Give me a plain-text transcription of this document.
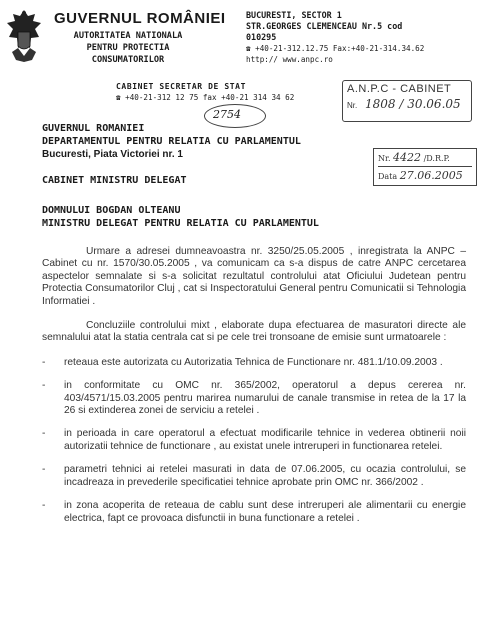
GUVERNUL ROMÂNIEI
AUTORITATEA NATIONALA
PENTRU PROTECTIA
CONSUMATORILOR
BUCURESTI, SECTOR 1
STR.GEORGES CLEMENCEAU Nr.5 cod
010295
☎ +40-21-312.12.75 Fax:+40-21-314.34.62
http:// www.anpc.ro
CABINET SECRETAR DE STAT
☎ +40-21-312 12 75 fax +40-21 314 34 62
A.N.P.C - CABINET
Nr. 1808 / 30.06.05
2754
GUVERNUL ROMANIEI
DEPARTAMENTUL PENTRU RELATIA CU PARLAMENTUL
Bucuresti, Piata Victoriei nr. 1	Nr. 4422 /D.R.P.
Data 27.06.2005
CABINET MINISTRU DELEGAT
DOMNULUI BOGDAN OLTEANU
MINISTRU DELEGAT PENTRU RELATIA CU PARLAMENTUL

Urmare a adresei dumneavoastra nr. 3250/25.05.2005 , inregistrata la ANPC – Cabinet cu nr. 1570/30.05.2005 , va comunicam ca s-a dispus de catre ANPC cercetarea aspectelor semnalate si s-a solicitat rezultatul controlului atat Oficiului Judetean pentru Protectia Consumatorilor Cluj , cat si Inspectoratului General pentru Comunicatii si Tehnologia Informatiei .

Concluziile controlului mixt , elaborate dupa efectuarea de masuratori directe ale semnalului atat la statia centrala cat si pe cele trei tronsoane de emisie sunt urmatoarele :

- reteaua este autorizata cu Autorizatia Tehnica de Functionare nr. 481.1/10.09.2003 .
- in conformitate cu OMC nr. 365/2002, operatorul a depus cererea nr. 403/4571/15.03.2005 pentru marirea numarului de canale transmise in retea de la 17 la 26 si extinderea zonei de serviciu a retelei .
- in perioada in care operatorul a efectuat modificarile tehnice in vederea obtinerii noii autorizatii tehnice de functionare , au existat unele intreruperi in functionarea retelei.
- parametri tehnici ai retelei masurati in data de 07.06.2005, cu ocazia controlului, se incadreaza in prevederile specificatiei tehnice aprobate prin OMC nr. 366/2002 .
- in zona acoperita de reteaua de cablu sunt dese intreruperi ale alimentarii cu energie electrica, fapt ce provoaca disfunctii in buna functionare a retelei .
